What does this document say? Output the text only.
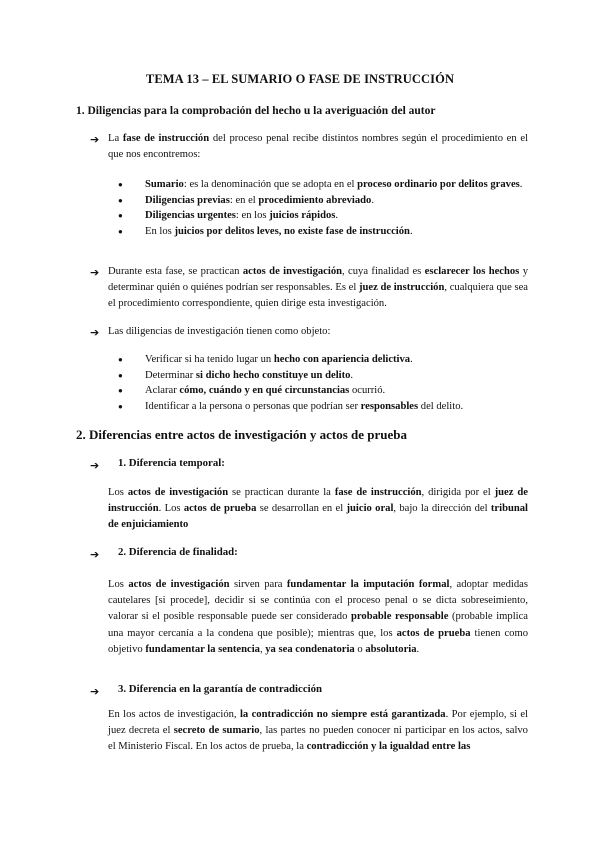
TEMA 13 – EL SUMARIO O FASE DE INSTRUCCIÓN
1. Diligencias para la comprobación del hecho u la averiguación del autor
➔ La fase de instrucción del proceso penal recibe distintos nombres según el procedimiento en el que nos encontremos:
● Sumario: es la denominación que se adopta en el proceso ordinario por delitos graves.
● Diligencias previas: en el procedimiento abreviado.
● Diligencias urgentes: en los juicios rápidos.
● En los juicios por delitos leves, no existe fase de instrucción.
➔ Durante esta fase, se practican actos de investigación, cuya finalidad es esclarecer los hechos y determinar quién o quiénes podrían ser responsables. Es el juez de instrucción, cualquiera que sea el procedimiento correspondiente, quien dirige esta investigación.
➔ Las diligencias de investigación tienen como objeto:
● Verificar si ha tenido lugar un hecho con apariencia delictiva.
● Determinar si dicho hecho constituye un delito.
● Aclarar cómo, cuándo y en qué circunstancias ocurrió.
● Identificar a la persona o personas que podrían ser responsables del delito.
2. Diferencias entre actos de investigación y actos de prueba
➔ 1. Diferencia temporal:
Los actos de investigación se practican durante la fase de instrucción, dirigida por el juez de instrucción. Los actos de prueba se desarrollan en el juicio oral, bajo la dirección del tribunal de enjuiciamiento
➔ 2. Diferencia de finalidad:
Los actos de investigación sirven para fundamentar la imputación formal, adoptar medidas cautelares [si procede], decidir si se continúa con el proceso penal o se dicta sobreseimiento, valorar si el posible responsable puede ser considerado probable responsable (probable implica una mayor cercanía a la condena que posible); mientras que, los actos de prueba tienen como objetivo fundamentar la sentencia, ya sea condenatoria o absolutoria.
➔ 3. Diferencia en la garantía de contradicción
En los actos de investigación, la contradicción no siempre está garantizada. Por ejemplo, si el juez decreta el secreto de sumario, las partes no pueden conocer ni participar en los actos, salvo el Ministerio Fiscal. En los actos de prueba, la contradicción y la igualdad entre las
